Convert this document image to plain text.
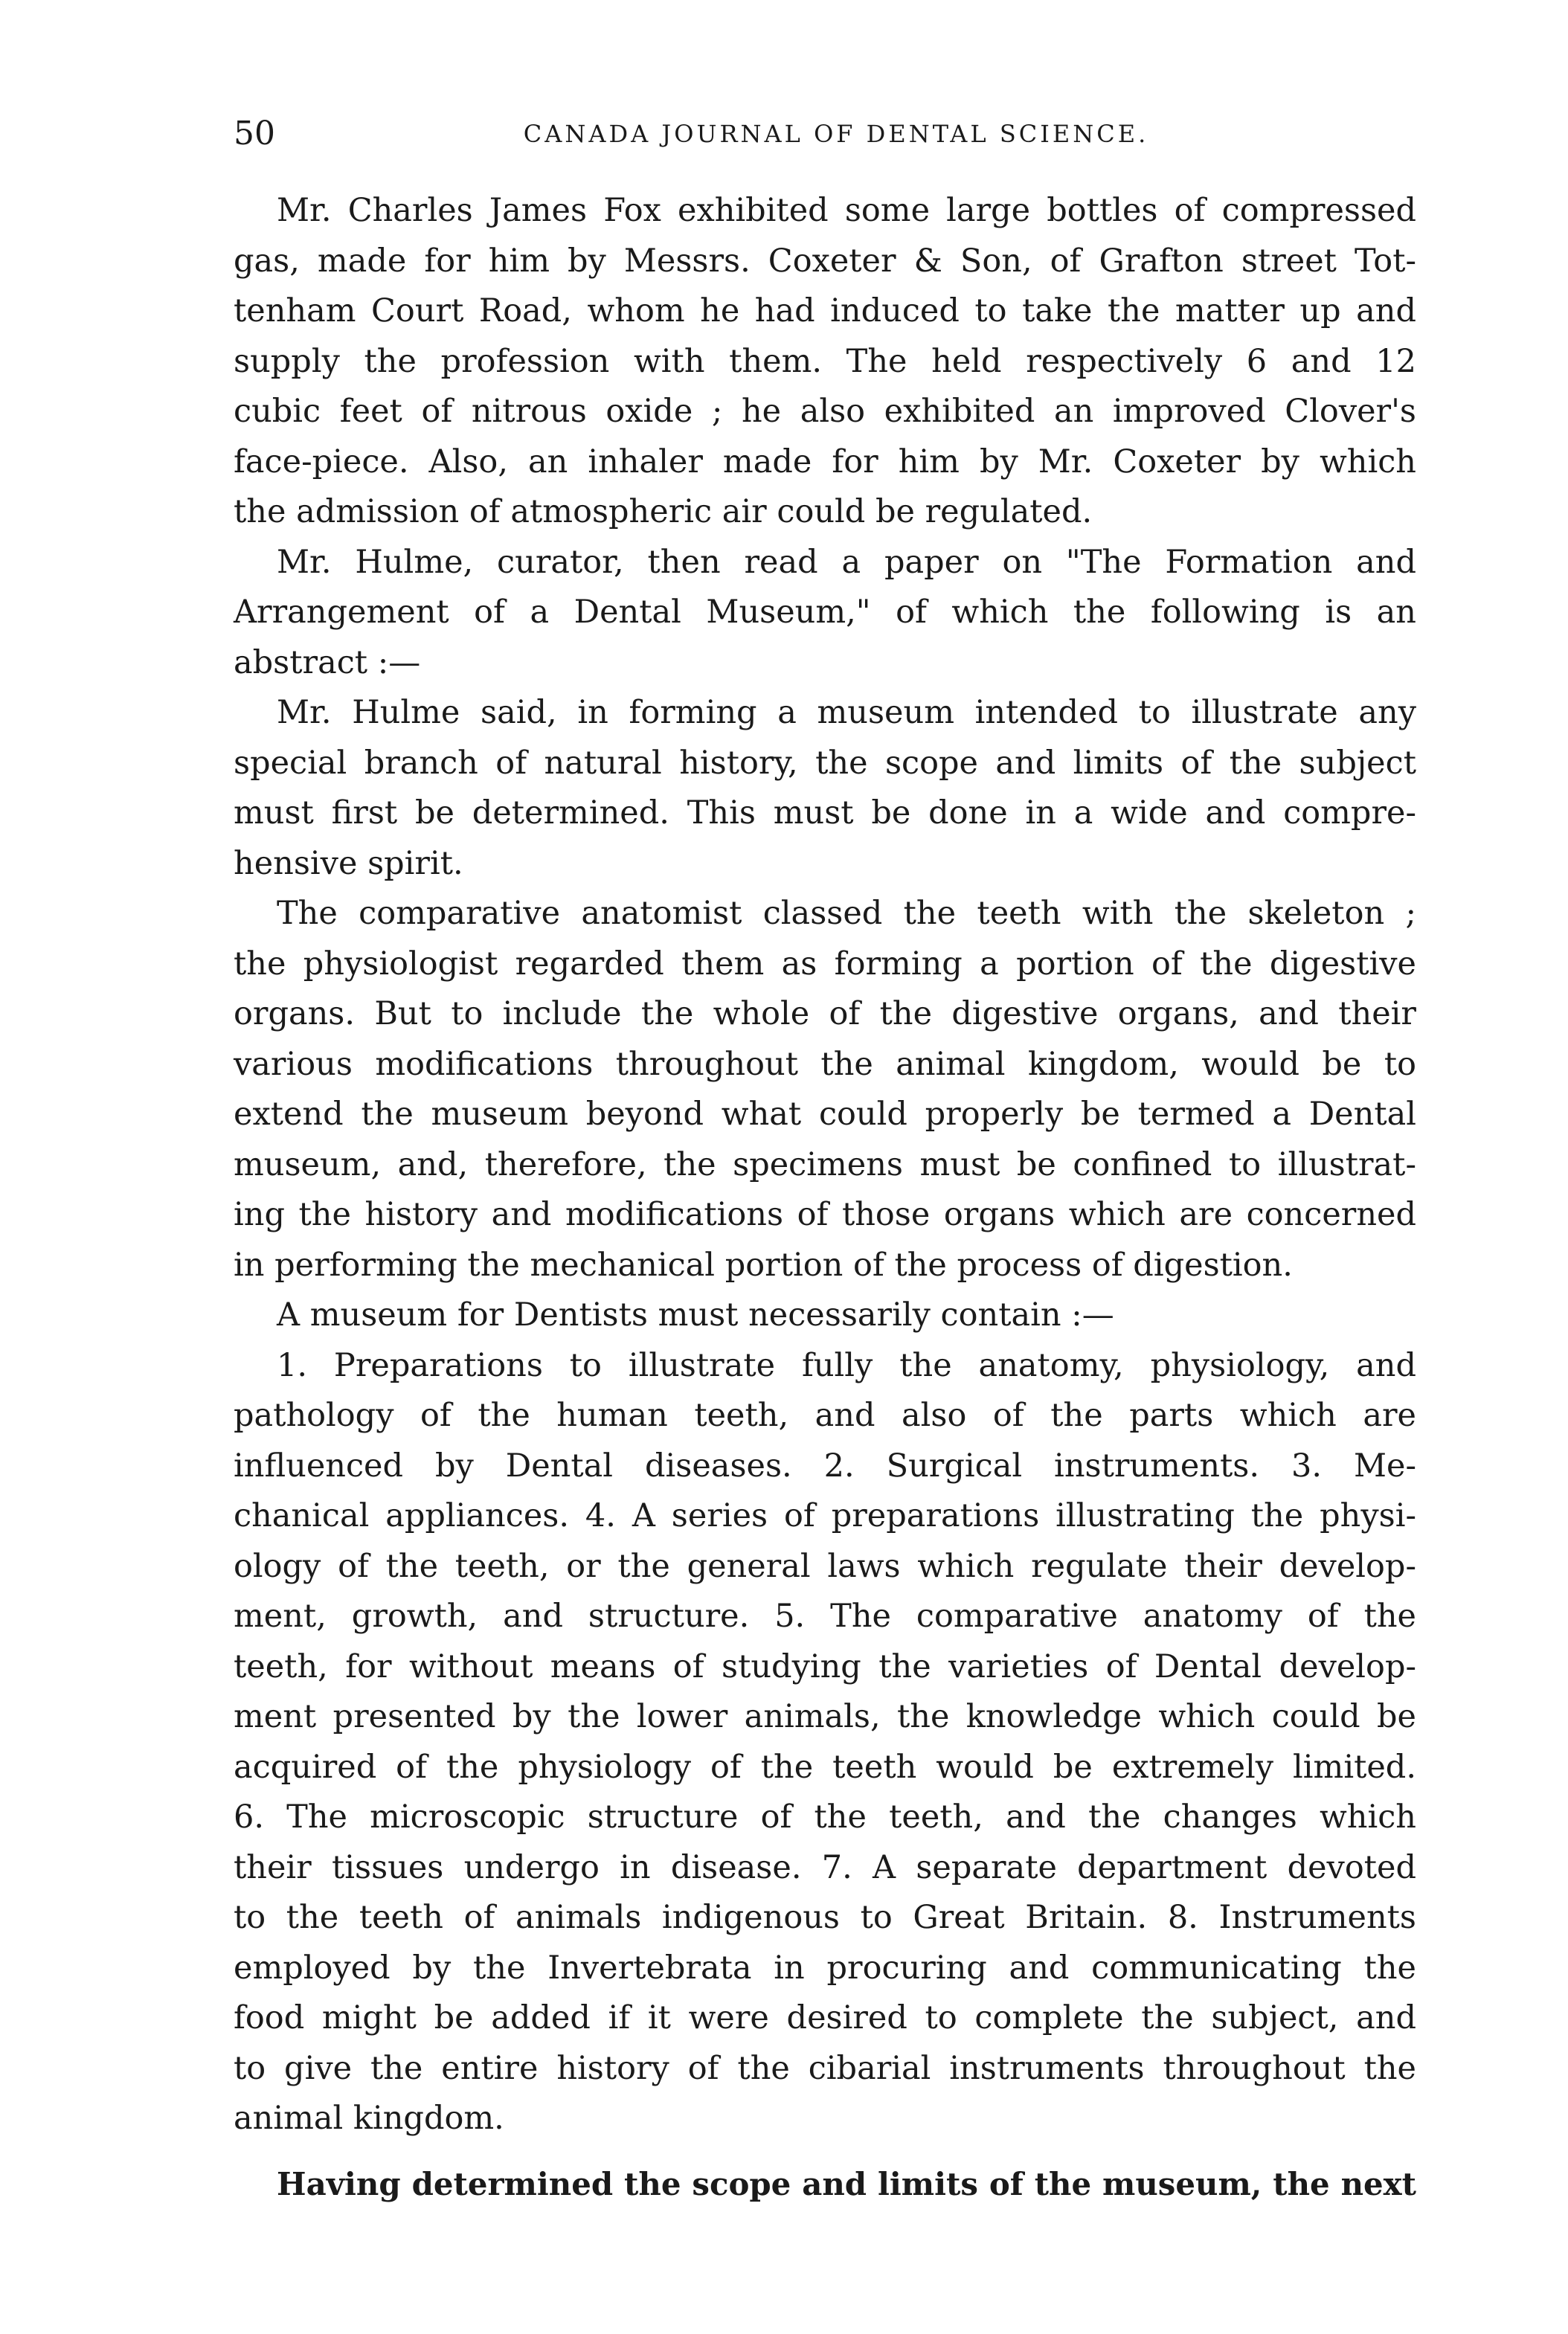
50	CANADA JOURNAL OF DENTAL SCIENCE.
Mr. Charles James Fox exhibited some large bottles of compressed
gas, made for him by Messrs. Coxeter & Son, of Grafton street Tot-
tenham Court Road, whom he had induced to take the matter up and
supply the profession with them. The held respectively 6 and 12
cubic feet of nitrous oxide ; he also exhibited an improved Clover's
face-piece. Also, an inhaler made for him by Mr. Coxeter by which
the admission of atmospheric air could be regulated.
Mr. Hulme, curator, then read a paper on "The Formation and
Arrangement of a Dental Museum," of which the following is an
abstract :—
Mr. Hulme said, in forming a museum intended to illustrate any
special branch of natural history, the scope and limits of the subject
must first be determined. This must be done in a wide and compre-
hensive spirit.
The comparative anatomist classed the teeth with the skeleton ;
the physiologist regarded them as forming a portion of the digestive
organs. But to include the whole of the digestive organs, and their
various modifications throughout the animal kingdom, would be to
extend the museum beyond what could properly be termed a Dental
museum, and, therefore, the specimens must be confined to illustrat-
ing the history and modifications of those organs which are concerned
in performing the mechanical portion of the process of digestion.
A museum for Dentists must necessarily contain :—
1. Preparations to illustrate fully the anatomy, physiology, and
pathology of the human teeth, and also of the parts which are
influenced by Dental diseases. 2. Surgical instruments. 3. Me-
chanical appliances. 4. A series of preparations illustrating the physi-
ology of the teeth, or the general laws which regulate their develop-
ment, growth, and structure. 5. The comparative anatomy of the
teeth, for without means of studying the varieties of Dental develop-
ment presented by the lower animals, the knowledge which could be
acquired of the physiology of the teeth would be extremely limited.
6. The microscopic structure of the teeth, and the changes which
their tissues undergo in disease. 7. A separate department devoted
to the teeth of animals indigenous to Great Britain. 8. Instruments
employed by the Invertebrata in procuring and communicating the
food might be added if it were desired to complete the subject, and
to give the entire history of the cibarial instruments throughout the
animal kingdom.
Having determined the scope and limits of the museum, the next
